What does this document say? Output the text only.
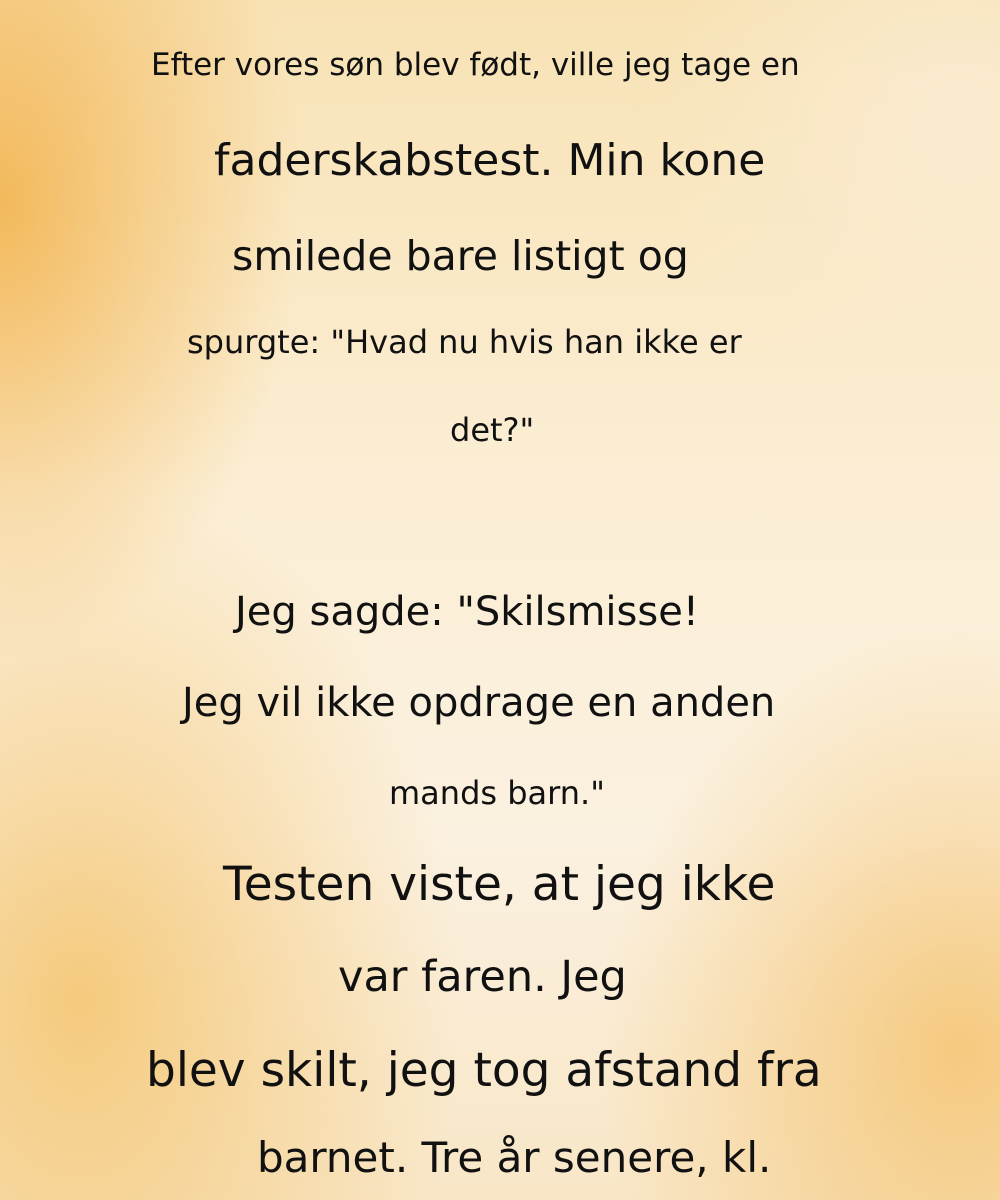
Efter vores søn blev født, ville jeg tage en
faderskabstest. Min kone
smilede bare listigt og
spurgte: "Hvad nu hvis han ikke er
det?"
Jeg sagde: "Skilsmisse!
Jeg vil ikke opdrage en anden
mands barn."
Testen viste, at jeg ikke
var faren. Jeg
blev skilt, jeg tog afstand fra
barnet. Tre år senere, kl.
